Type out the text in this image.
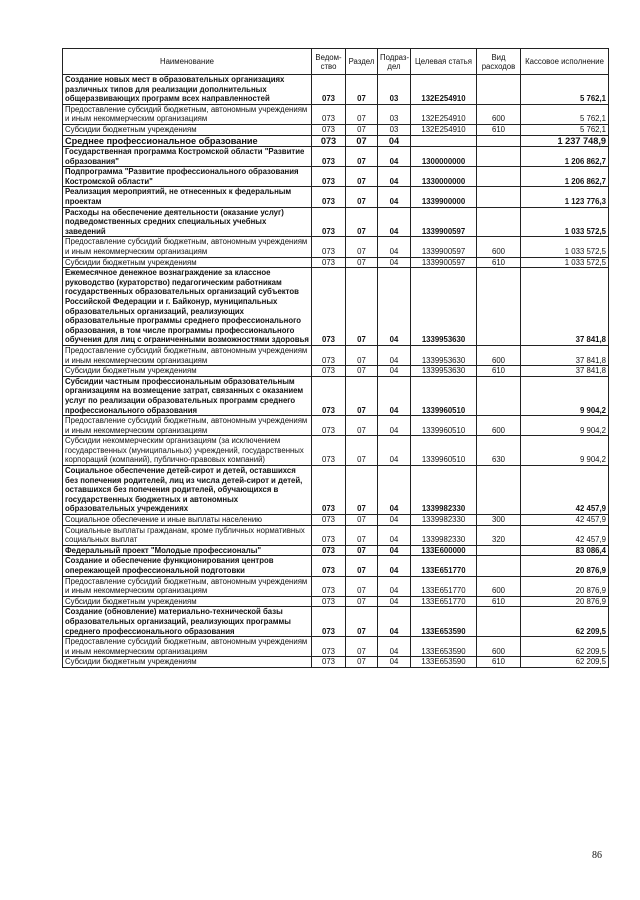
Наименование	Ведом-ство	Раздел	Подраз-дел	Целевая статья	Вид расходов	Кассовое исполнение
Создание новых мест в образовательных организациях различных типов для реализации дополнительных общеразвивающих программ всех направленностей	073	07	03	132E254910		5 762,1
Предоставление субсидий бюджетным, автономным учреждениям и иным некоммерческим организациям	073	07	03	132E254910	600	5 762,1
Субсидии бюджетным учреждениям	073	07	03	132E254910	610	5 762,1
Среднее профессиональное образование	073	07	04			1 237 748,9
Государственная программа Костромской области "Развитие образования"	073	07	04	1300000000		1 206 862,7
Подпрограмма "Развитие профессионального образования Костромской области"	073	07	04	1330000000		1 206 862,7
Реализация мероприятий, не отнесенных к федеральным проектам	073	07	04	1339900000		1 123 776,3
Расходы на обеспечение деятельности (оказание услуг) подведомственных средних специальных учебных заведений	073	07	04	1339900597		1 033 572,5
Предоставление субсидий бюджетным, автономным учреждениям и иным некоммерческим организациям	073	07	04	1339900597	600	1 033 572,5
Субсидии бюджетным учреждениям	073	07	04	1339900597	610	1 033 572,5
Ежемесячное денежное вознаграждение за классное руководство (кураторство) педагогическим работникам государственных образовательных организаций субъектов Российской Федерации и г. Байконур, муниципальных образовательных организаций, реализующих образовательные программы среднего профессионального образования, в том числе программы профессионального обучения для лиц с ограниченными возможностями здоровья	073	07	04	1339953630		37 841,8
Предоставление субсидий бюджетным, автономным учреждениям и иным некоммерческим организациям	073	07	04	1339953630	600	37 841,8
Субсидии бюджетным учреждениям	073	07	04	1339953630	610	37 841,8
Субсидии частным профессиональным образовательным организациям на возмещение затрат, связанных с оказанием услуг по реализации образовательных программ среднего профессионального образования	073	07	04	1339960510		9 904,2
Предоставление субсидий бюджетным, автономным учреждениям и иным некоммерческим организациям	073	07	04	1339960510	600	9 904,2
Субсидии некоммерческим организациям (за исключением государственных (муниципальных) учреждений, государственных корпораций (компаний), публично-правовых компаний)	073	07	04	1339960510	630	9 904,2
Социальное обеспечение детей-сирот и детей, оставшихся без попечения родителей, лиц из числа детей-сирот и детей, оставшихся без попечения родителей, обучающихся в государственных бюджетных и автономных образовательных учреждениях	073	07	04	1339982330		42 457,9
Социальное обеспечение и иные выплаты населению	073	07	04	1339982330	300	42 457,9
Социальные выплаты гражданам, кроме публичных нормативных социальных выплат	073	07	04	1339982330	320	42 457,9
Федеральный проект "Молодые профессионалы"	073	07	04	133E600000		83 086,4
Создание и обеспечение функционирования центров опережающей профессиональной подготовки	073	07	04	133E651770		20 876,9
Предоставление субсидий бюджетным, автономным учреждениям и иным некоммерческим организациям	073	07	04	133E651770	600	20 876,9
Субсидии бюджетным учреждениям	073	07	04	133E651770	610	20 876,9
Создание (обновление) материально-технической базы образовательных организаций, реализующих программы среднего профессионального образования	073	07	04	133E653590		62 209,5
Предоставление субсидий бюджетным, автономным учреждениям и иным некоммерческим организациям	073	07	04	133E653590	600	62 209,5
Субсидии бюджетным учреждениям	073	07	04	133E653590	610	62 209,5
86
